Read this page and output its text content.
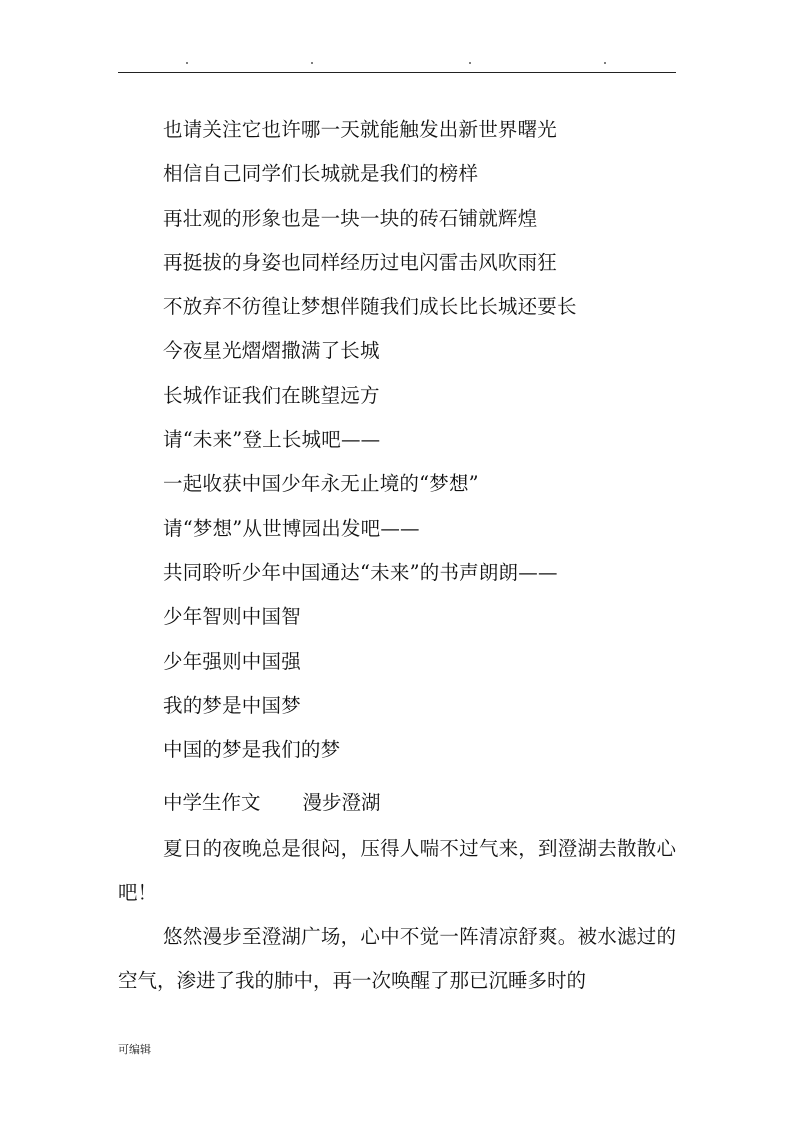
也请关注它也许哪一天就能触发出新世界曙光
相信自己同学们长城就是我们的榜样
再壮观的形象也是一块一块的砖石铺就辉煌
再挺拔的身姿也同样经历过电闪雷击风吹雨狂
不放弃不彷徨让梦想伴随我们成长比长城还要长
今夜星光熠熠撒满了长城
长城作证我们在眺望远方
请“未来”登上长城吧——
一起收获中国少年永无止境的“梦想”
请“梦想”从世博园出发吧——
共同聆听少年中国通达“未来”的书声朗朗——
少年智则中国智
少年强则中国强
我的梦是中国梦
中国的梦是我们的梦
中学生作文 漫步澄湖

夏日的夜晚总是很闷，压得人喘不过气来，到澄湖去散散心吧！

悠然漫步至澄湖广场，心中不觉一阵清凉舒爽。被水滤过的空气，渗进了我的肺中，再一次唤醒了那已沉睡多时的

可编辑
